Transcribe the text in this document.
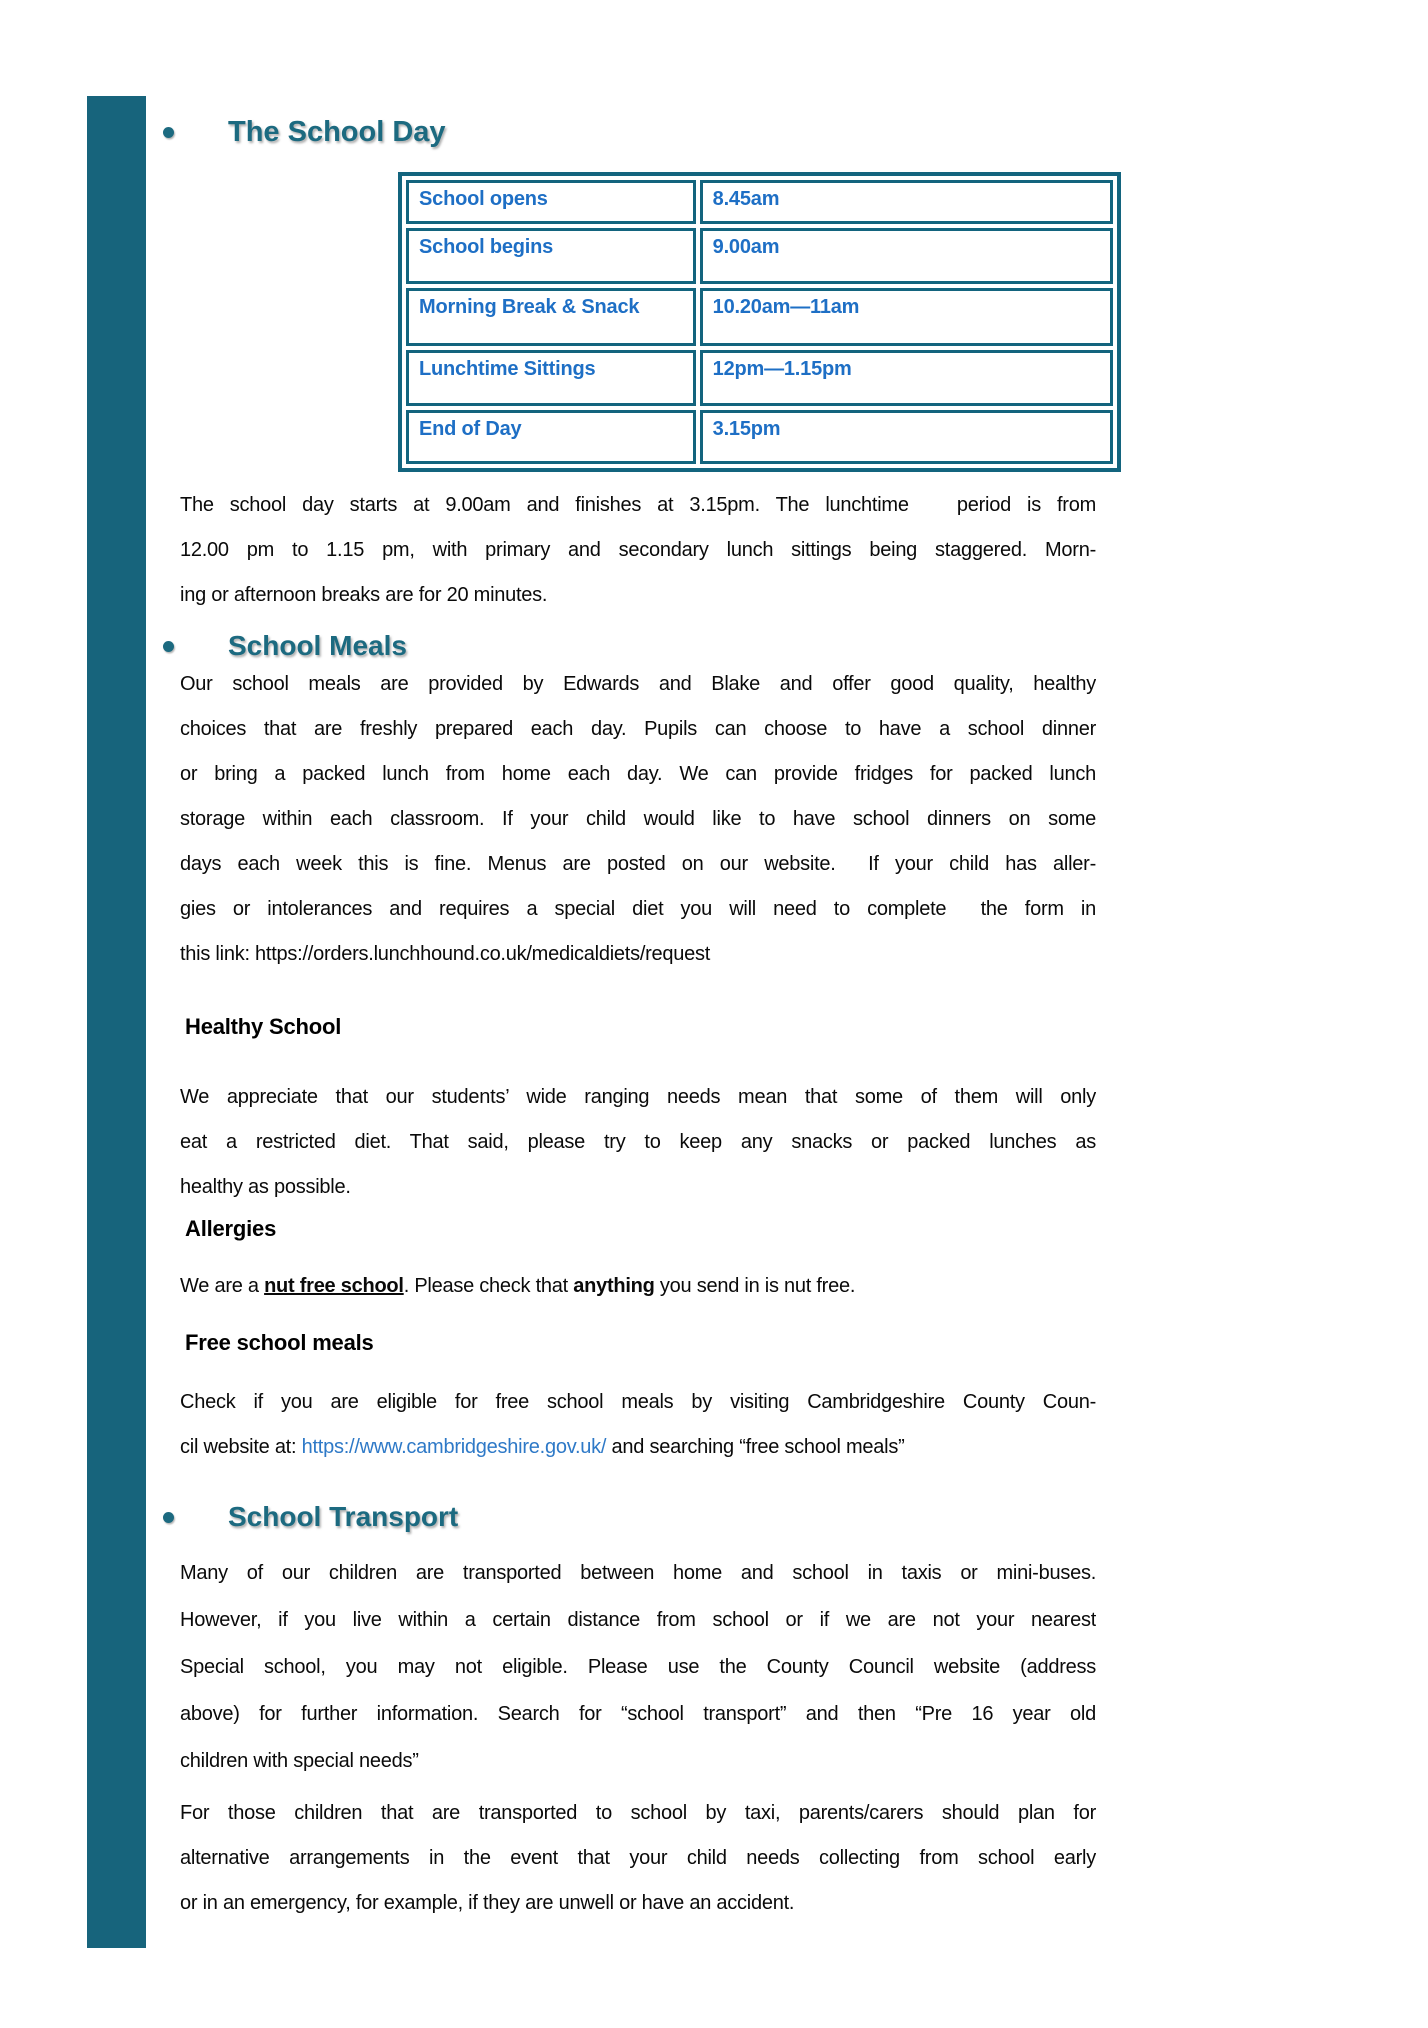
The School Day
School opens	8.45am
School begins	9.00am
Morning Break & Snack	10.20am—11am
Lunchtime Sittings	12pm—1.15pm
End of Day	3.15pm
The school day starts at 9.00am and finishes at 3.15pm. The lunchtime   period is from
12.00 pm to 1.15 pm, with primary and secondary lunch sittings being staggered. Morn-
ing or afternoon breaks are for 20 minutes.
School Meals
Our school meals are provided by Edwards and Blake and offer good quality, healthy
choices that are freshly prepared each day. Pupils can choose to have a school dinner
or bring a packed lunch from home each day. We can provide fridges for packed lunch
storage within each classroom. If your child would like to have school dinners on some
days each week this is fine. Menus are posted on our website.  If your child has aller-
gies or intolerances and requires a special diet you will need to complete  the form in
this link: https://orders.lunchhound.co.uk/medicaldiets/request
Healthy School
We appreciate that our students’ wide ranging needs mean that some of them will only
eat a restricted diet. That said, please try to keep any snacks or packed lunches as
healthy as possible.
Allergies
We are a nut free school. Please check that anything you send in is nut free.
Free school meals
Check if you are eligible for free school meals by visiting Cambridgeshire County Coun-
cil website at: https://www.cambridgeshire.gov.uk/ and searching “free school meals”
School Transport
Many of our children are transported between home and school in taxis or mini-buses.
However, if you live within a certain distance from school or if we are not your nearest
Special school, you may not eligible. Please use the County Council website (address
above) for further information. Search for “school transport” and then “Pre 16 year old
children with special needs”
For those children that are transported to school by taxi, parents/carers should plan for
alternative arrangements in the event that your child needs collecting from school early
or in an emergency, for example, if they are unwell or have an accident.
